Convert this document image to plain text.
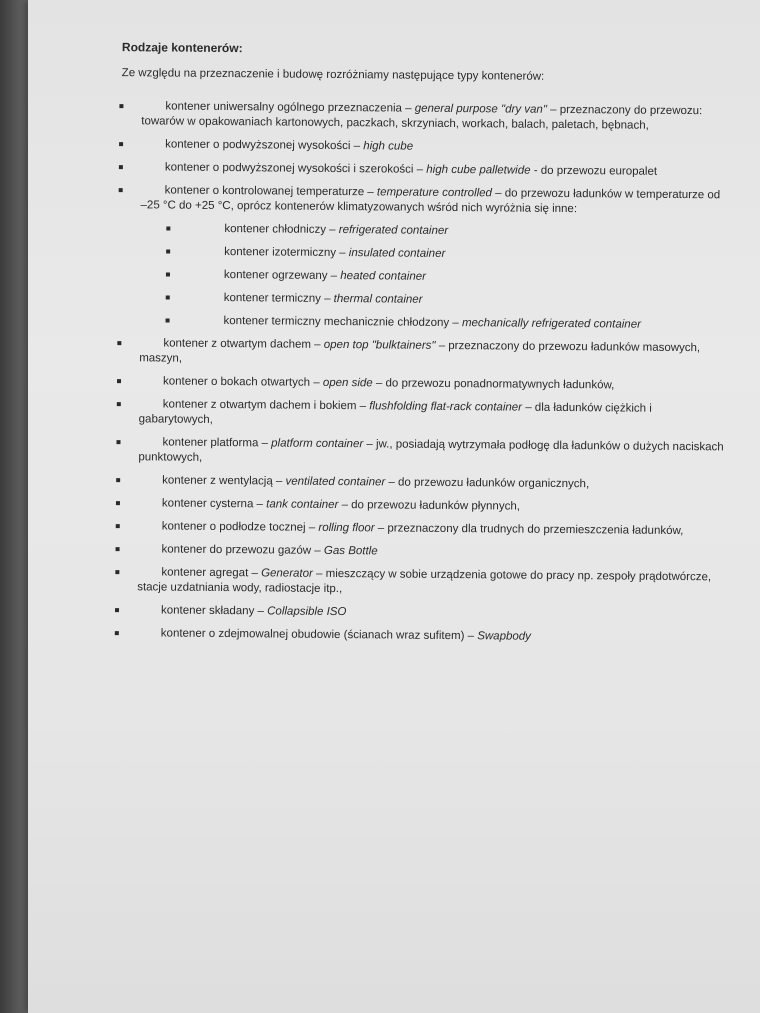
Rodzaje kontenerów:
Ze względu na przeznaczenie i budowę rozróżniamy następujące typy kontenerów:
kontener uniwersalny ogólnego przeznaczenia – general purpose "dry van" – przeznaczony do przewozu: towarów w opakowaniach kartonowych, paczkach, skrzyniach, workach, balach, paletach, bębnach,
kontener o podwyższonej wysokości – high cube
kontener o podwyższonej wysokości i szerokości – high cube palletwide - do przewozu europalet
kontener o kontrolowanej temperaturze – temperature controlled – do przewozu ładunków w temperaturze od –25 °C do +25 °C, oprócz kontenerów klimatyzowanych wśród nich wyróżnia się inne:
kontener chłodniczy – refrigerated container
kontener izotermiczny – insulated container
kontener ogrzewany – heated container
kontener termiczny – thermal container
kontener termiczny mechanicznie chłodzony – mechanically refrigerated container
kontener z otwartym dachem – open top "bulktainers" – przeznaczony do przewozu ładunków masowych, maszyn,
kontener o bokach otwartych – open side – do przewozu ponadnormatywnych ładunków,
kontener z otwartym dachem i bokiem – flushfolding flat-rack container – dla ładunków ciężkich i gabarytowych,
kontener platforma – platform container – jw., posiadają wytrzymała podłogę dla ładunków o dużych naciskach punktowych,
kontener z wentylacją – ventilated container – do przewozu ładunków organicznych,
kontener cysterna – tank container – do przewozu ładunków płynnych,
kontener o podłodze tocznej – rolling floor – przeznaczony dla trudnych do przemieszczenia ładunków,
kontener do przewozu gazów – Gas Bottle
kontener agregat – Generator – mieszczący w sobie urządzenia gotowe do pracy np. zespoły prądotwórcze, stacje uzdatniania wody, radiostacje itp.,
kontener składany – Collapsible ISO
kontener o zdejmowalnej obudowie (ścianach wraz sufitem) – Swapbody
